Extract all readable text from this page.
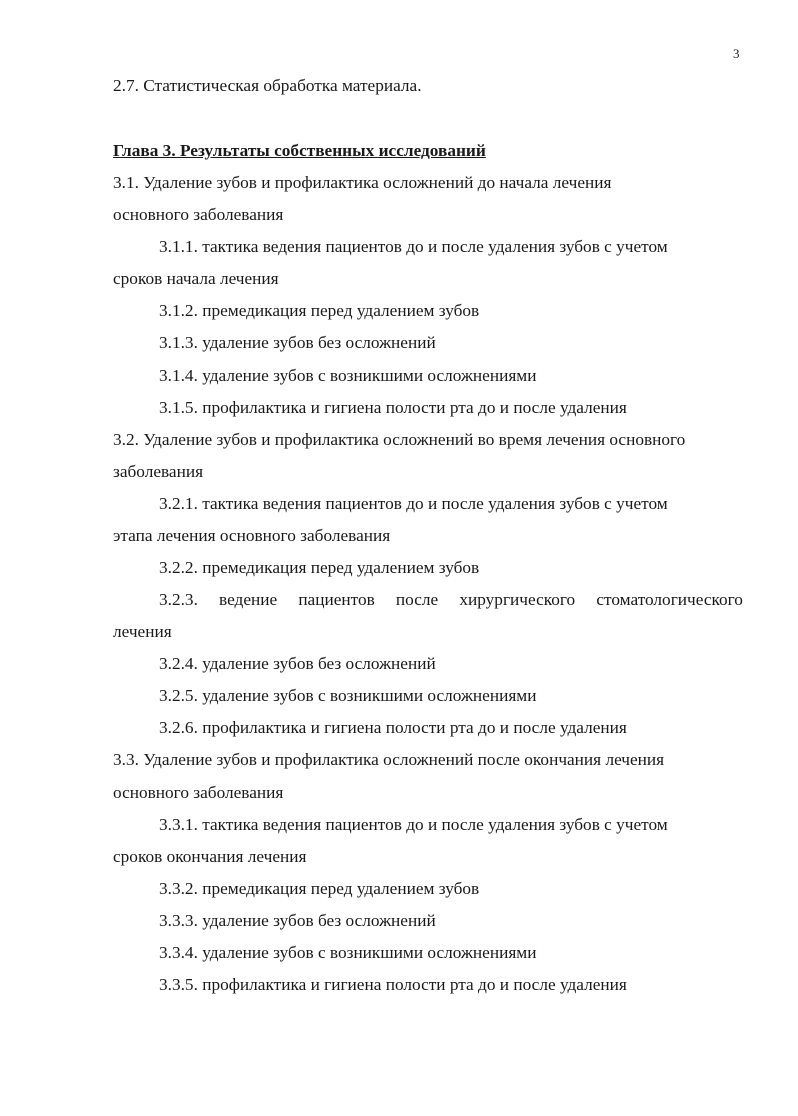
3
2.7. Статистическая обработка материала.
Глава 3. Результаты собственных исследований
3.1. Удаление зубов и профилактика осложнений до начала лечения
основного заболевания
3.1.1. тактика ведения пациентов до и после удаления зубов с учетом
сроков начала лечения
3.1.2. премедикация перед удалением зубов
3.1.3. удаление зубов без осложнений
3.1.4. удаление зубов с возникшими осложнениями
3.1.5. профилактика и гигиена полости рта до и после удаления
3.2. Удаление зубов и профилактика осложнений во время лечения основного
заболевания
3.2.1. тактика ведения пациентов до и после удаления зубов с учетом
этапа лечения основного заболевания
3.2.2. премедикация перед удалением зубов
3.2.3. ведение пациентов после хирургического стоматологического
лечения
3.2.4. удаление зубов без осложнений
3.2.5. удаление зубов с возникшими осложнениями
3.2.6. профилактика и гигиена полости рта до и после удаления
3.3. Удаление зубов и профилактика осложнений после окончания лечения
основного заболевания
3.3.1. тактика ведения пациентов до и после удаления зубов с учетом
сроков окончания лечения
3.3.2. премедикация перед удалением зубов
3.3.3. удаление зубов без осложнений
3.3.4. удаление зубов с возникшими осложнениями
3.3.5. профилактика и гигиена полости рта до и после удаления
